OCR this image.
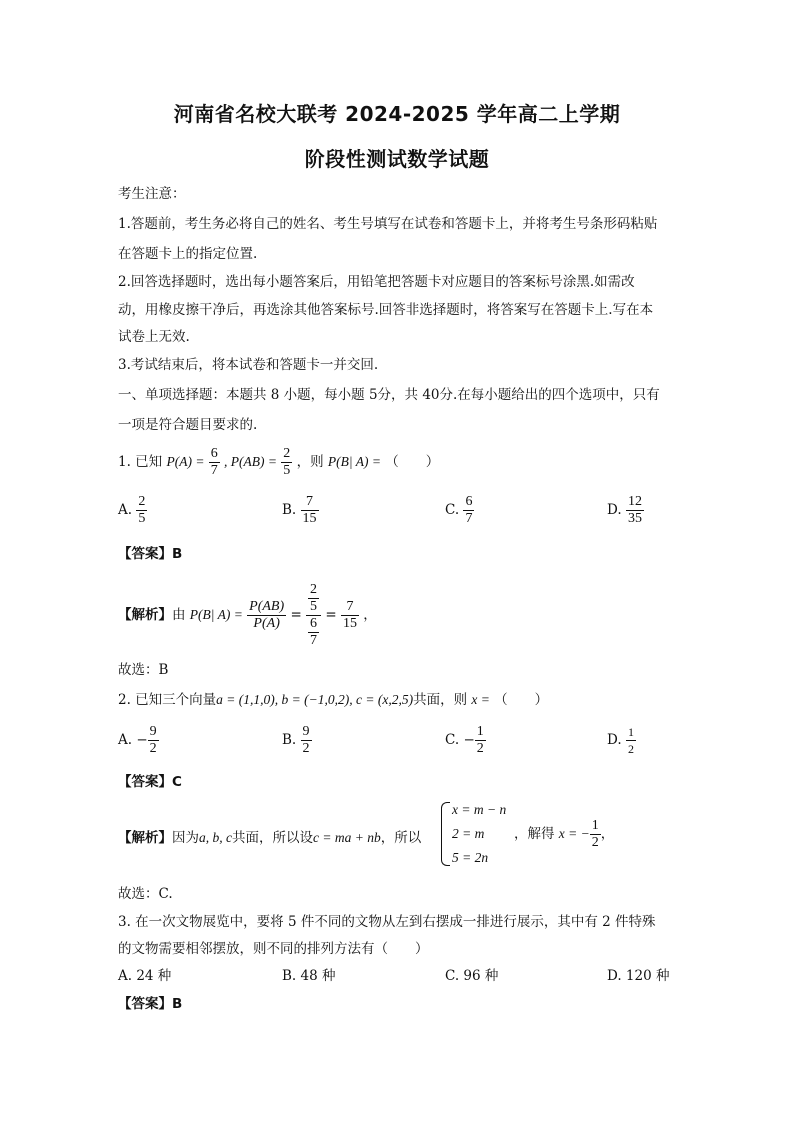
河南省名校大联考 2024-2025 学年高二上学期
阶段性测试数学试题
考生注意：
1.答题前，考生务必将自己的姓名、考生号填写在试卷和答题卡上，并将考生号条形码粘贴
在答题卡上的指定位置.
2.回答选择题时，选出每小题答案后，用铅笔把答题卡对应题目的答案标号涂黑.如需改
动，用橡皮擦干净后，再选涂其他答案标号.回答非选择题时，将答案写在答题卡上.写在本
试卷上无效.
3.考试结束后，将本试卷和答题卡一并交回.
一、单项选择题：本题共 8 小题，每小题 5分，共 40分.在每小题给出的四个选项中，只有
一项是符合题目要求的.
1. 已知 $P(A) = \frac{6}{7}$ , $P(AB) = \frac{2}{5}$ ，则 P(B| A) = （　　）
A. $\frac{2}{5}$	B. $\frac{7}{15}$	C. $\frac{6}{7}$	D. $\frac{12}{35}$
【答案】B
【解析】由 P(B| $A) = \frac{P(AB)}{P(A)} = \frac{\frac{2}{5}}{\frac{6}{7}} = \frac{7}{15}$ ，
故选：B
2. 已知三个向量a = (1,1,0), b = (−1,0,2), c = (x,2,5)共面，则 x = （　　）
A. − $\frac{9}{2}$	B. $\frac{9}{2}$	C. − $\frac{1}{2}$	D. $\frac{1}{2}$
【答案】C
【解析】因为a, b, c共面，所以设c = ma + nb，所以
x = m − n
2 = m
5 = 2n
，解得 x = − $\frac{1}{2}$ ，
故选：C.
3. 在一次文物展览中，要将 5 件不同的文物从左到右摆成一排进行展示，其中有 2 件特殊
的文物需要相邻摆放，则不同的排列方法有（　　）
A. 24 种	B. 48 种	C. 96 种	D. 120 种
【答案】B
